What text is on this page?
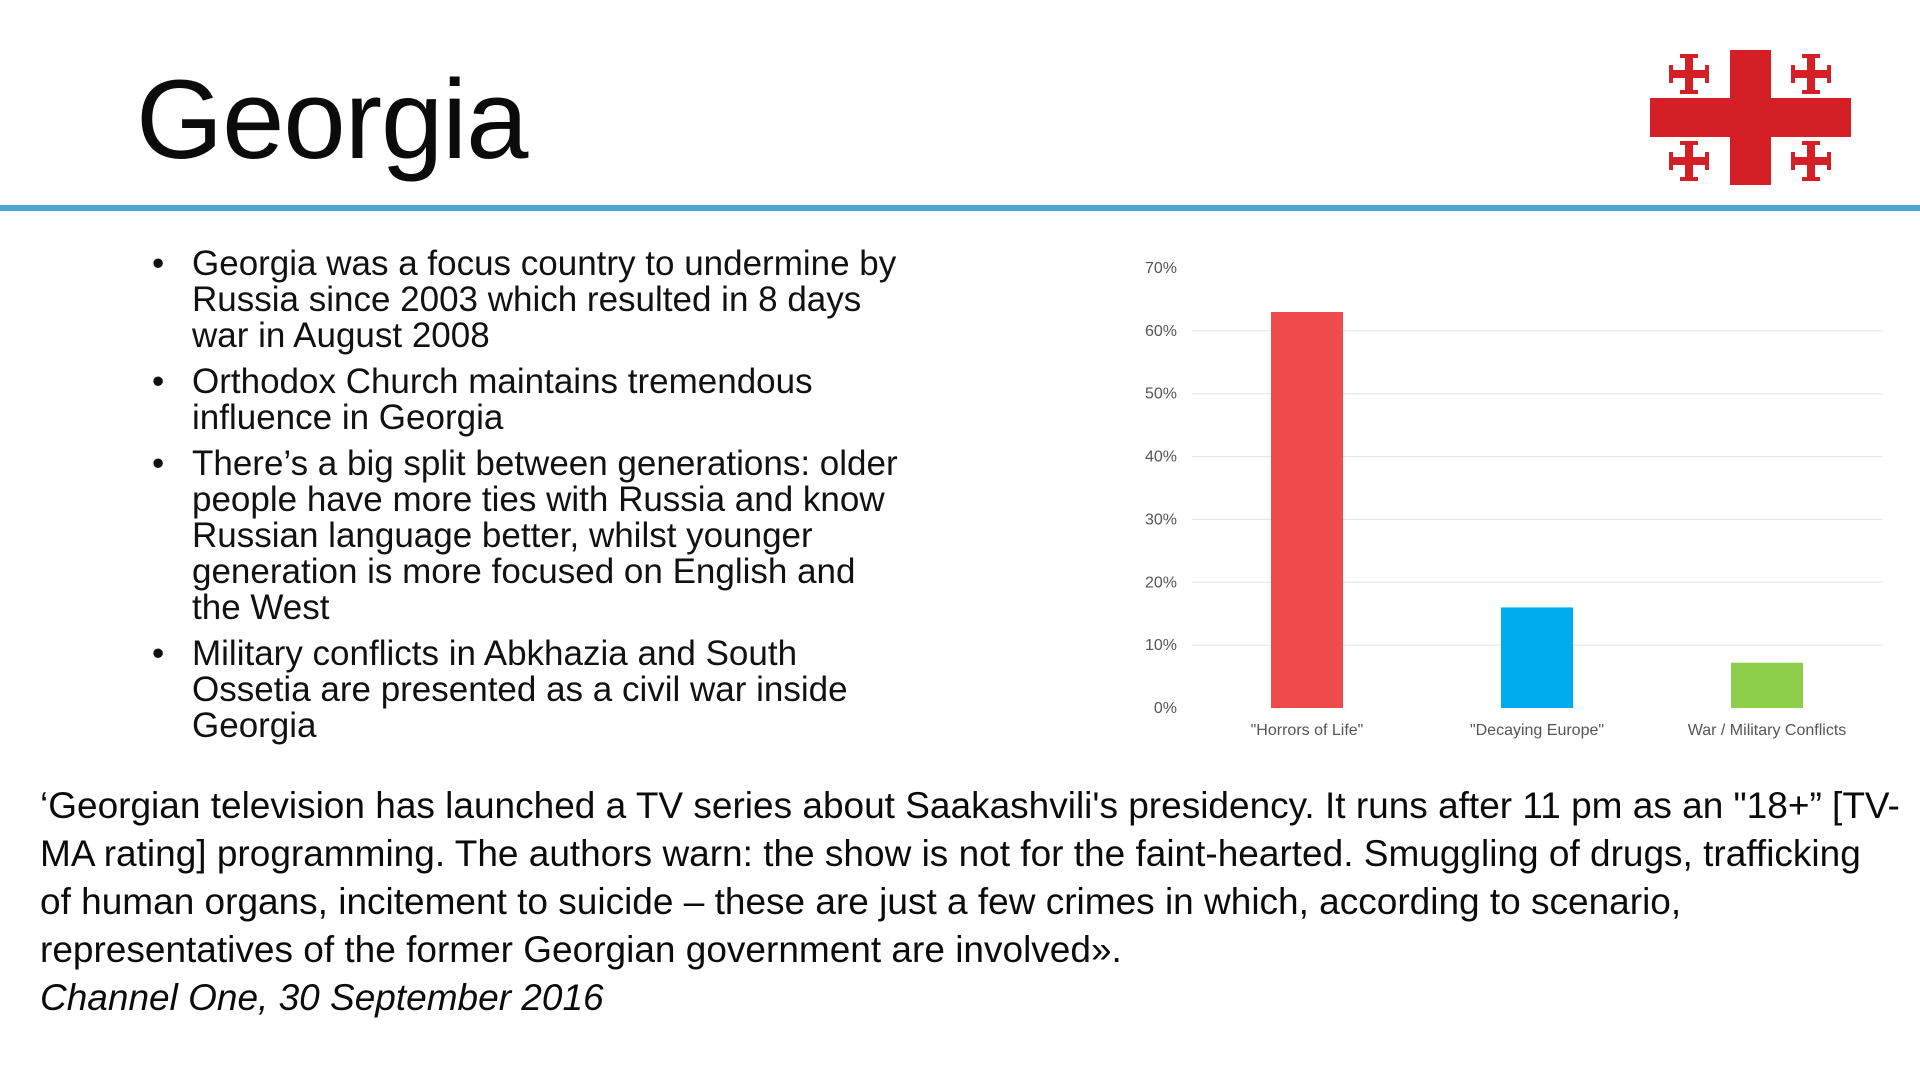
Georgia
• Georgia was a focus country to undermine by Russia since 2003 which resulted in 8 days war in August 2008
• Orthodox Church maintains tremendous influence in Georgia
• There’s a big split between generations: older people have more ties with Russia and know Russian language better, whilst younger generation is more focused on English and the West
• Military conflicts in Abkhazia and South Ossetia are presented as a civil war inside Georgia	0%
10%
20%
30%
40%
50%
60%
70%
"Horrors of Life"	"Decaying Europe"	War / Military Conflicts

‘Georgian television has launched a TV series about Saakashvili's presidency. It runs after 11 pm as an "18+” [TV-MA rating] programming. The authors warn: the show is not for the faint-hearted. Smuggling of drugs, trafficking of human organs, incitement to suicide – these are just a few crimes in which, according to scenario, representatives of the former Georgian government are involved».

Channel One, 30 September 2016
